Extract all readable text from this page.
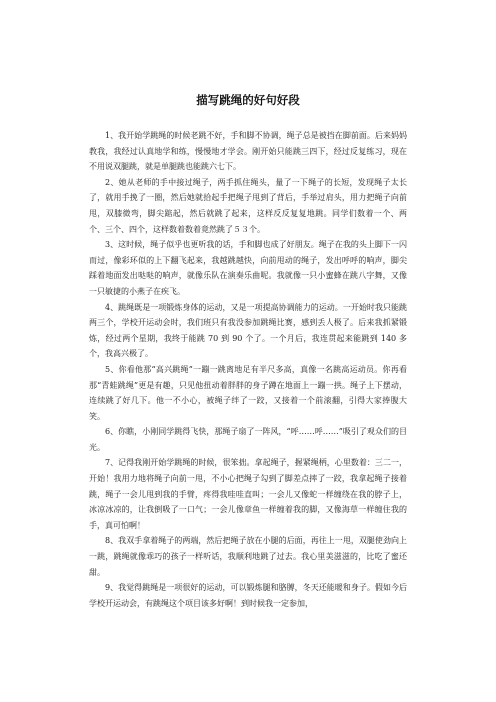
描写跳绳的好句好段

1、我开始学跳绳的时候老跳不好，手和脚不协调，绳子总是被挡在脚前面。后来妈妈教我，我经过认真地学和练，慢慢地才学会。刚开始只能跳三四下，经过反复练习，现在不用说双腿跳，就是单腿跳也能跳六七下。

2、她从老师的手中接过绳子，两手抓住绳头，量了一下绳子的长短，发现绳子太长了，就用手挽了一圈，然后她就拾起手把绳子甩到了背后，手举过肩头，用力把绳子向前甩，双膝微弯，脚尖踮起，然后就跳了起来，这样反反复复地跳。同学们数着一个、两个、三个、四个，这样数着数着竟然跳了５３个。

3、这时候，绳子似乎也更听我的话，手和脚也成了好朋友。绳子在我的头上脚下一闪而过，像彩环似的上下翻飞起来，我越跳越快，向前甩动的绳子，发出呼呼的响声，脚尖踩着地面发出哒哒的响声，就像乐队在演奏乐曲呢。我就像一只小蜜蜂在跳八字舞，又像一只敏捷的小燕子在疾飞。

4、跳绳既是一项锻炼身体的运动，又是一项提高协调能力的运动。一开始时我只能跳两三个，学校开运动会时，我们班只有我没参加跳绳比赛，感到丢人极了。后来我抓紧锻炼，经过两个星期，我终于能跳 70 到 90 个了。一个月后，我连贯起来能跳到 140 多个，我高兴极了。

5、你看他那“高兴跳绳”一蹦一跳离地足有半尺多高，真像一名跳高运动员。你再看那“青蛙跳绳”更是有趣，只见他扭动着胖胖的身子蹲在地面上一蹦一拱。绳子上下摆动，连续跳了好几下。他一不小心，被绳子绊了一跤，又接着一个前滚翻，引得大家捧腹大笑。

6、你瞧，小刚同学跳得飞快，那绳子扇了一阵风，“呼……呼……”吸引了观众们的目光。

7、记得我刚开始学跳绳的时候，很笨拙。拿起绳子，握紧绳柄，心里数着：三二一，开始！我用力地将绳子向前一甩，不小心把绳子勾到了脚差点摔了一跤，我拿起绳子接着跳，绳子一会儿甩到我的手臂，疼得我哇哇直叫；一会儿又像蛇一样缠绕在我的脖子上，冰凉冰凉的，让我倒吸了一口气；一会儿像章鱼一样缠着我的脚，又像海草一样缠住我的手，真可怕啊！

8、我双手拿着绳子的两端，然后把绳子放在小腿的后面，再往上一甩，双腿使劲向上一跳，跳绳就像乖巧的孩子一样听话，我顺利地跳了过去。我心里美滋滋的，比吃了蜜还甜。

9、我觉得跳绳是一项很好的运动，可以锻炼腿和胳膊，冬天还能暖和身子。假如今后学校开运动会，有跳绳这个项目该多好啊！到时候我一定参加，
